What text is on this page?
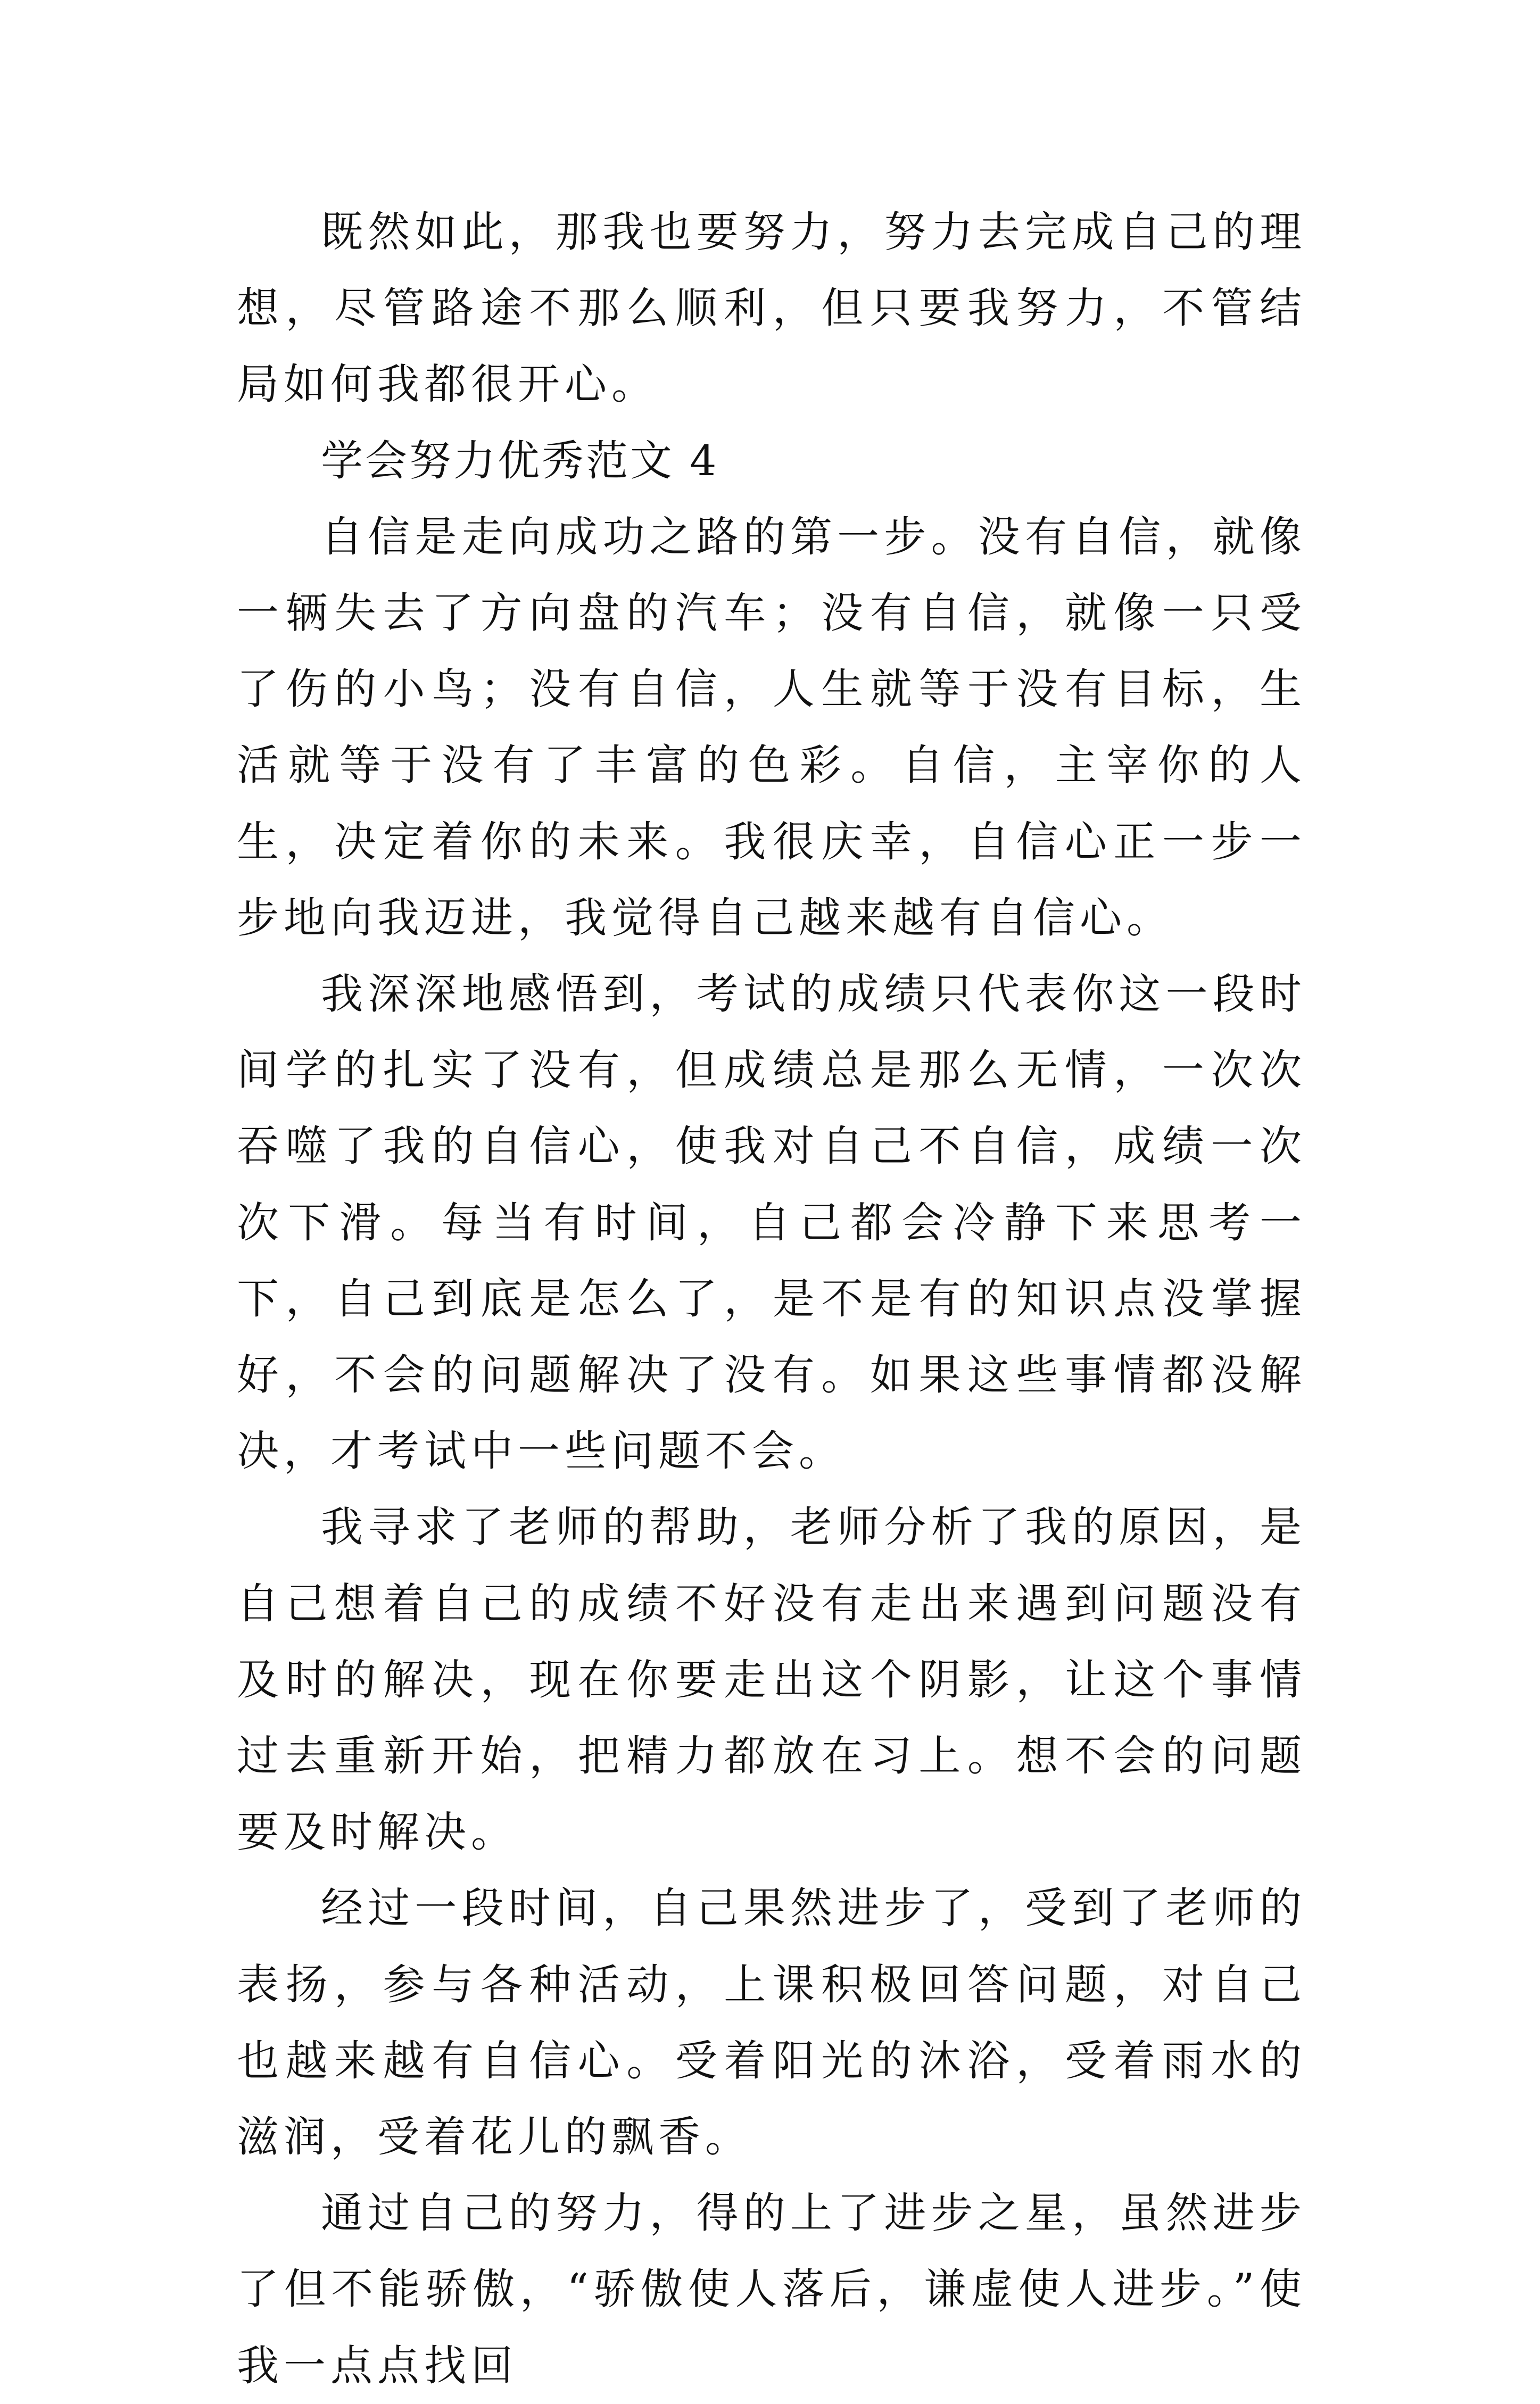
既然如此，那我也要努力，努力去完成自己的理想，尽管路途不那么顺利，但只要我努力，不管结局如何我都很开心。

学会努力优秀范文 4

自信是走向成功之路的第一步。没有自信，就像一辆失去了方向盘的汽车；没有自信，就像一只受了伤的小鸟；没有自信，人生就等于没有目标，生活就等于没有了丰富的色彩。自信，主宰你的人生，决定着你的未来。我很庆幸，自信心正一步一步地向我迈进，我觉得自己越来越有自信心。

我深深地感悟到，考试的成绩只代表你这一段时间学的扎实了没有，但成绩总是那么无情，一次次吞噬了我的自信心，使我对自己不自信，成绩一次次下滑。每当有时间，自己都会冷静下来思考一下，自己到底是怎么了，是不是有的知识点没掌握好，不会的问题解决了没有。如果这些事情都没解决，才考试中一些问题不会。

我寻求了老师的帮助，老师分析了我的原因，是自己想着自己的成绩不好没有走出来遇到问题没有及时的解决，现在你要走出这个阴影，让这个事情过去重新开始，把精力都放在习上。想不会的问题要及时解决。

经过一段时间，自己果然进步了，受到了老师的表扬，参与各种活动，上课积极回答问题，对自己也越来越有自信心。受着阳光的沐浴，受着雨水的滋润，受着花儿的飘香。

通过自己的努力，得的上了进步之星，虽然进步了但不能骄傲，“骄傲使人落后，谦虚使人进步。”使我一点点找回
